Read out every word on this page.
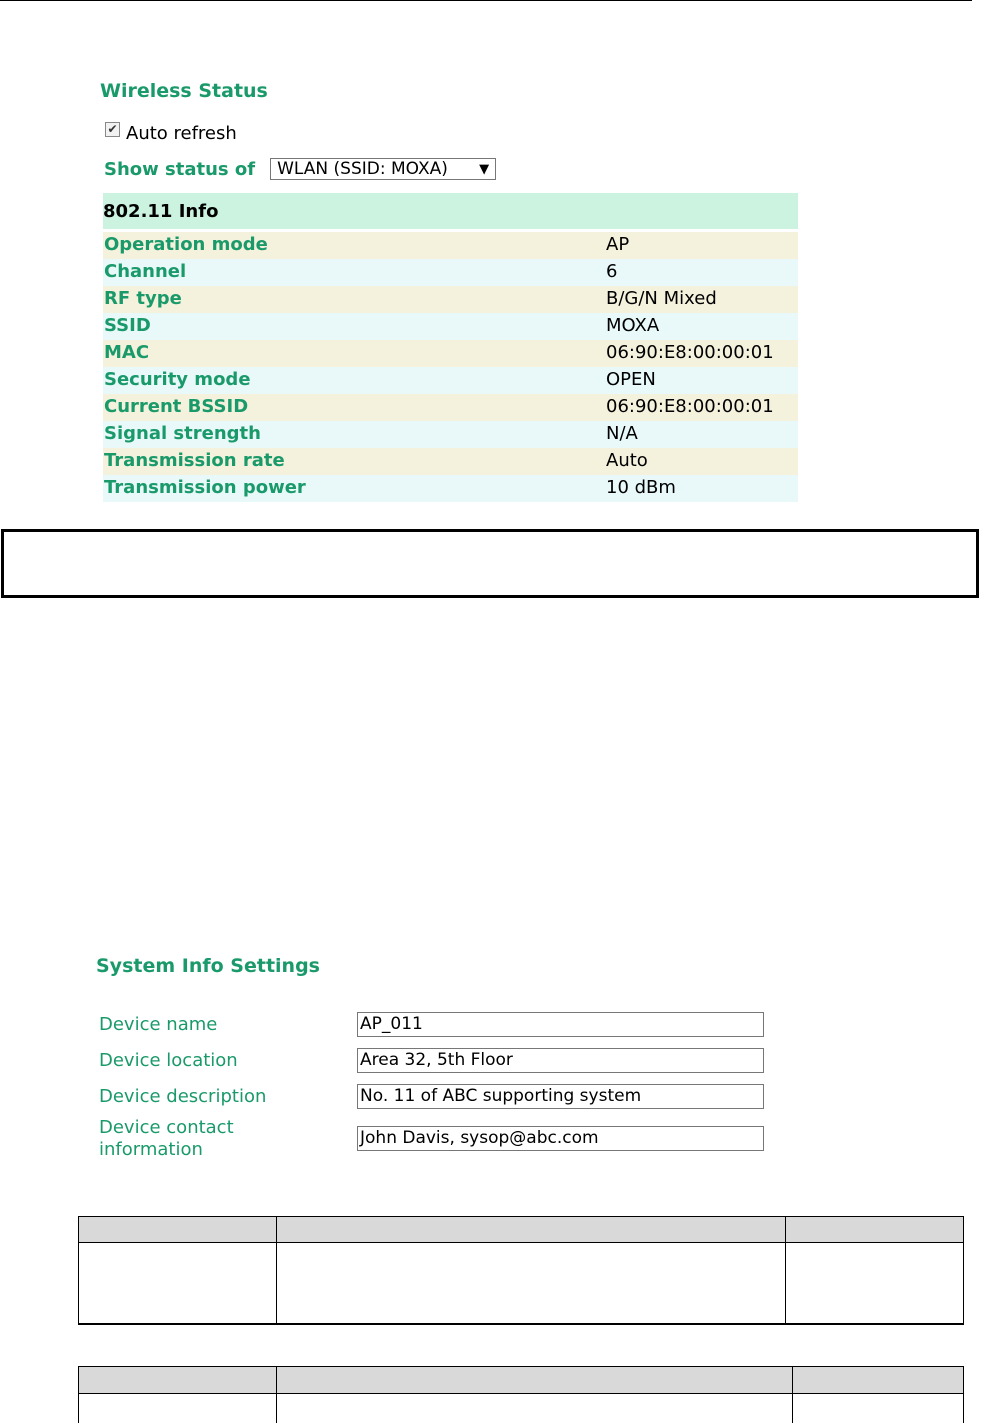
Wireless Status
✔ Auto refresh
Show status of WLAN (SSID: MOXA) ▼
802.11 Info
Operation mode	AP
Channel	6
RF type	B/G/N Mixed
SSID	MOXA
MAC	06:90:E8:00:00:01
Security mode	OPEN
Current BSSID	06:90:E8:00:00:01
Signal strength	N/A
Transmission rate	Auto
Transmission power	10 dBm
System Info Settings
Device name	AP_011
Device location	Area 32, 5th Floor
Device description	No. 11 of ABC supporting system
Device contact
information
John Davis, sysop@abc.com
